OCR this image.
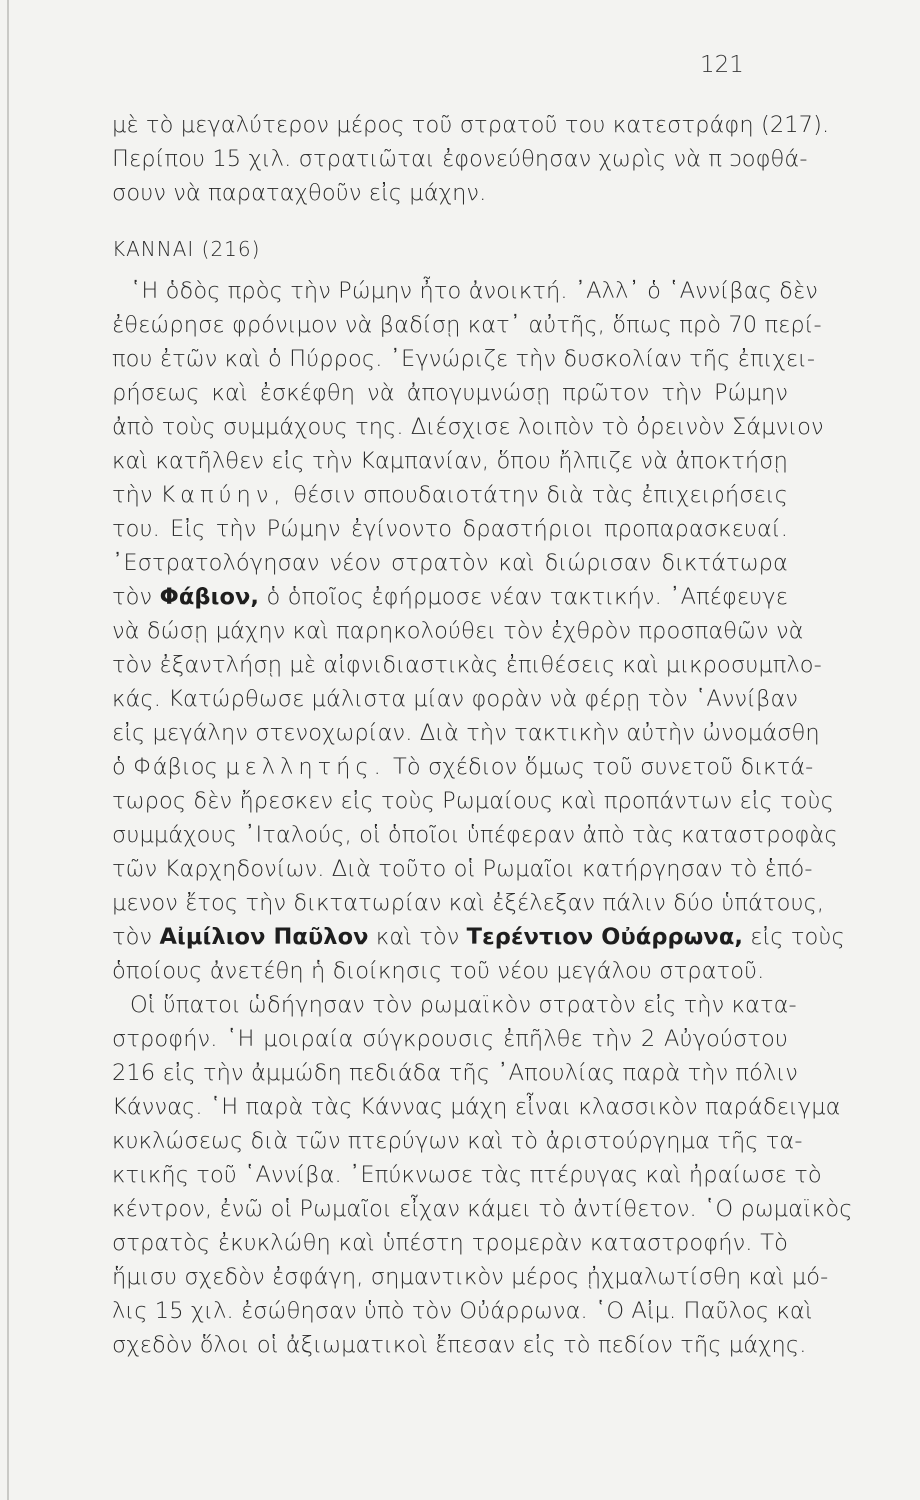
121
μὲ τὸ μεγαλύτερον μέρος τοῦ στρατοῦ του κατεστράφη (217).
Περίπου 15 χιλ. στρατιῶται ἐφονεύθησαν χωρὶς νὰ π ɔοφθά-
σουν νὰ παραταχθοῦν εἰς μάχην.
ΚΑΝΝΑΙ (216)
῾Η ὁδὸς πρὸς τὴν Ρώμην ἦτο ἀνοικτή. ᾿Αλλ᾿ ὁ ῾Αννίβας δὲν
ἐθεώρησε φρόνιμον νὰ βαδίσῃ κατ᾿ αὐτῆς, ὅπως πρὸ 70 περί-
που ἐτῶν καὶ ὁ Πύρρος. ᾿Εγνώριζε τὴν δυσκολίαν τῆς ἐπιχει-
ρήσεως καὶ ἐσκέφθη νὰ ἀπογυμνώσῃ πρῶτον τὴν Ρώμην
ἀπὸ τοὺς συμμάχους της. Διέσχισε λοιπὸν τὸ ὀρεινὸν Σάμνιον
καὶ κατῆλθεν εἰς τὴν Καμπανίαν, ὅπου ἤλπιζε νὰ ἀποκτήσῃ
τὴν Καπύην, θέσιν σπουδαιοτάτην διὰ τὰς ἐπιχειρήσεις
του. Εἰς τὴν Ρώμην ἐγίνοντο δραστήριοι προπαρασκευαί.
᾿Εστρατολόγησαν νέον στρατὸν καὶ διώρισαν δικτάτωρα
τὸν Φάβιον, ὁ ὁποῖος ἐφήρμοσε νέαν τακτικήν. ᾿Απέφευγε
νὰ δώσῃ μάχην καὶ παρηκολούθει τὸν ἐχθρὸν προσπαθῶν νὰ
τὸν ἐξαντλήσῃ μὲ αἰφνιδιαστικὰς ἐπιθέσεις καὶ μικροσυμπλο-
κάς. Κατώρθωσε μάλιστα μίαν φορὰν νὰ φέρῃ τὸν ῾Αννίβαν
εἰς μεγάλην στενοχωρίαν. Διὰ τὴν τακτικὴν αὐτὴν ὠνομάσθη
ὁ Φάβιος μελλητής. Τὸ σχέδιον ὅμως τοῦ συνετοῦ δικτά-
τωρος δὲν ἤρεσκεν εἰς τοὺς Ρωμαίους καὶ προπάντων εἰς τοὺς
συμμάχους ᾿Ιταλούς, οἱ ὁποῖοι ὑπέφεραν ἀπὸ τὰς καταστροφὰς
τῶν Καρχηδονίων. Διὰ τοῦτο οἱ Ρωμαῖοι κατήργησαν τὸ ἑπό-
μενον ἔτος τὴν δικτατωρίαν καὶ ἐξέλεξαν πάλιν δύο ὑπάτους,
τὸν Αἰμίλιον Παῦλον καὶ τὸν Τερέντιον Οὐάρρωνα, εἰς τοὺς
ὁποίους ἀνετέθη ἡ διοίκησις τοῦ νέου μεγάλου στρατοῦ.
Οἱ ὕπατοι ὡδήγησαν τὸν ρωμαϊκὸν στρατὸν εἰς τὴν κατα-
στροφήν. ῾Η μοιραία σύγκρουσις ἐπῆλθε τὴν 2 Αὐγούστου
216 εἰς τὴν ἀμμώδη πεδιάδα τῆς ᾿Απουλίας παρὰ τὴν πόλιν
Κάννας. ῾Η παρὰ τὰς Κάννας μάχη εἶναι κλασσικὸν παράδειγμα
κυκλώσεως διὰ τῶν πτερύγων καὶ τὸ ἀριστούργημα τῆς τα-
κτικῆς τοῦ ῾Αννίβα. ᾿Επύκνωσε τὰς πτέρυγας καὶ ἠραίωσε τὸ
κέντρον, ἐνῶ οἱ Ρωμαῖοι εἶχαν κάμει τὸ ἀντίθετον. ῾Ο ρωμαϊκὸς
στρατὸς ἐκυκλώθη καὶ ὑπέστη τρομερὰν καταστροφήν. Τὸ
ἥμισυ σχεδὸν ἐσφάγη, σημαντικὸν μέρος ᾐχμαλωτίσθη καὶ μό-
λις 15 χιλ. ἐσώθησαν ὑπὸ τὸν Οὐάρρωνα. ῾Ο Αἰμ. Παῦλος καὶ
σχεδὸν ὅλοι οἱ ἀξιωματικοὶ ἔπεσαν εἰς τὸ πεδίον τῆς μάχης.
